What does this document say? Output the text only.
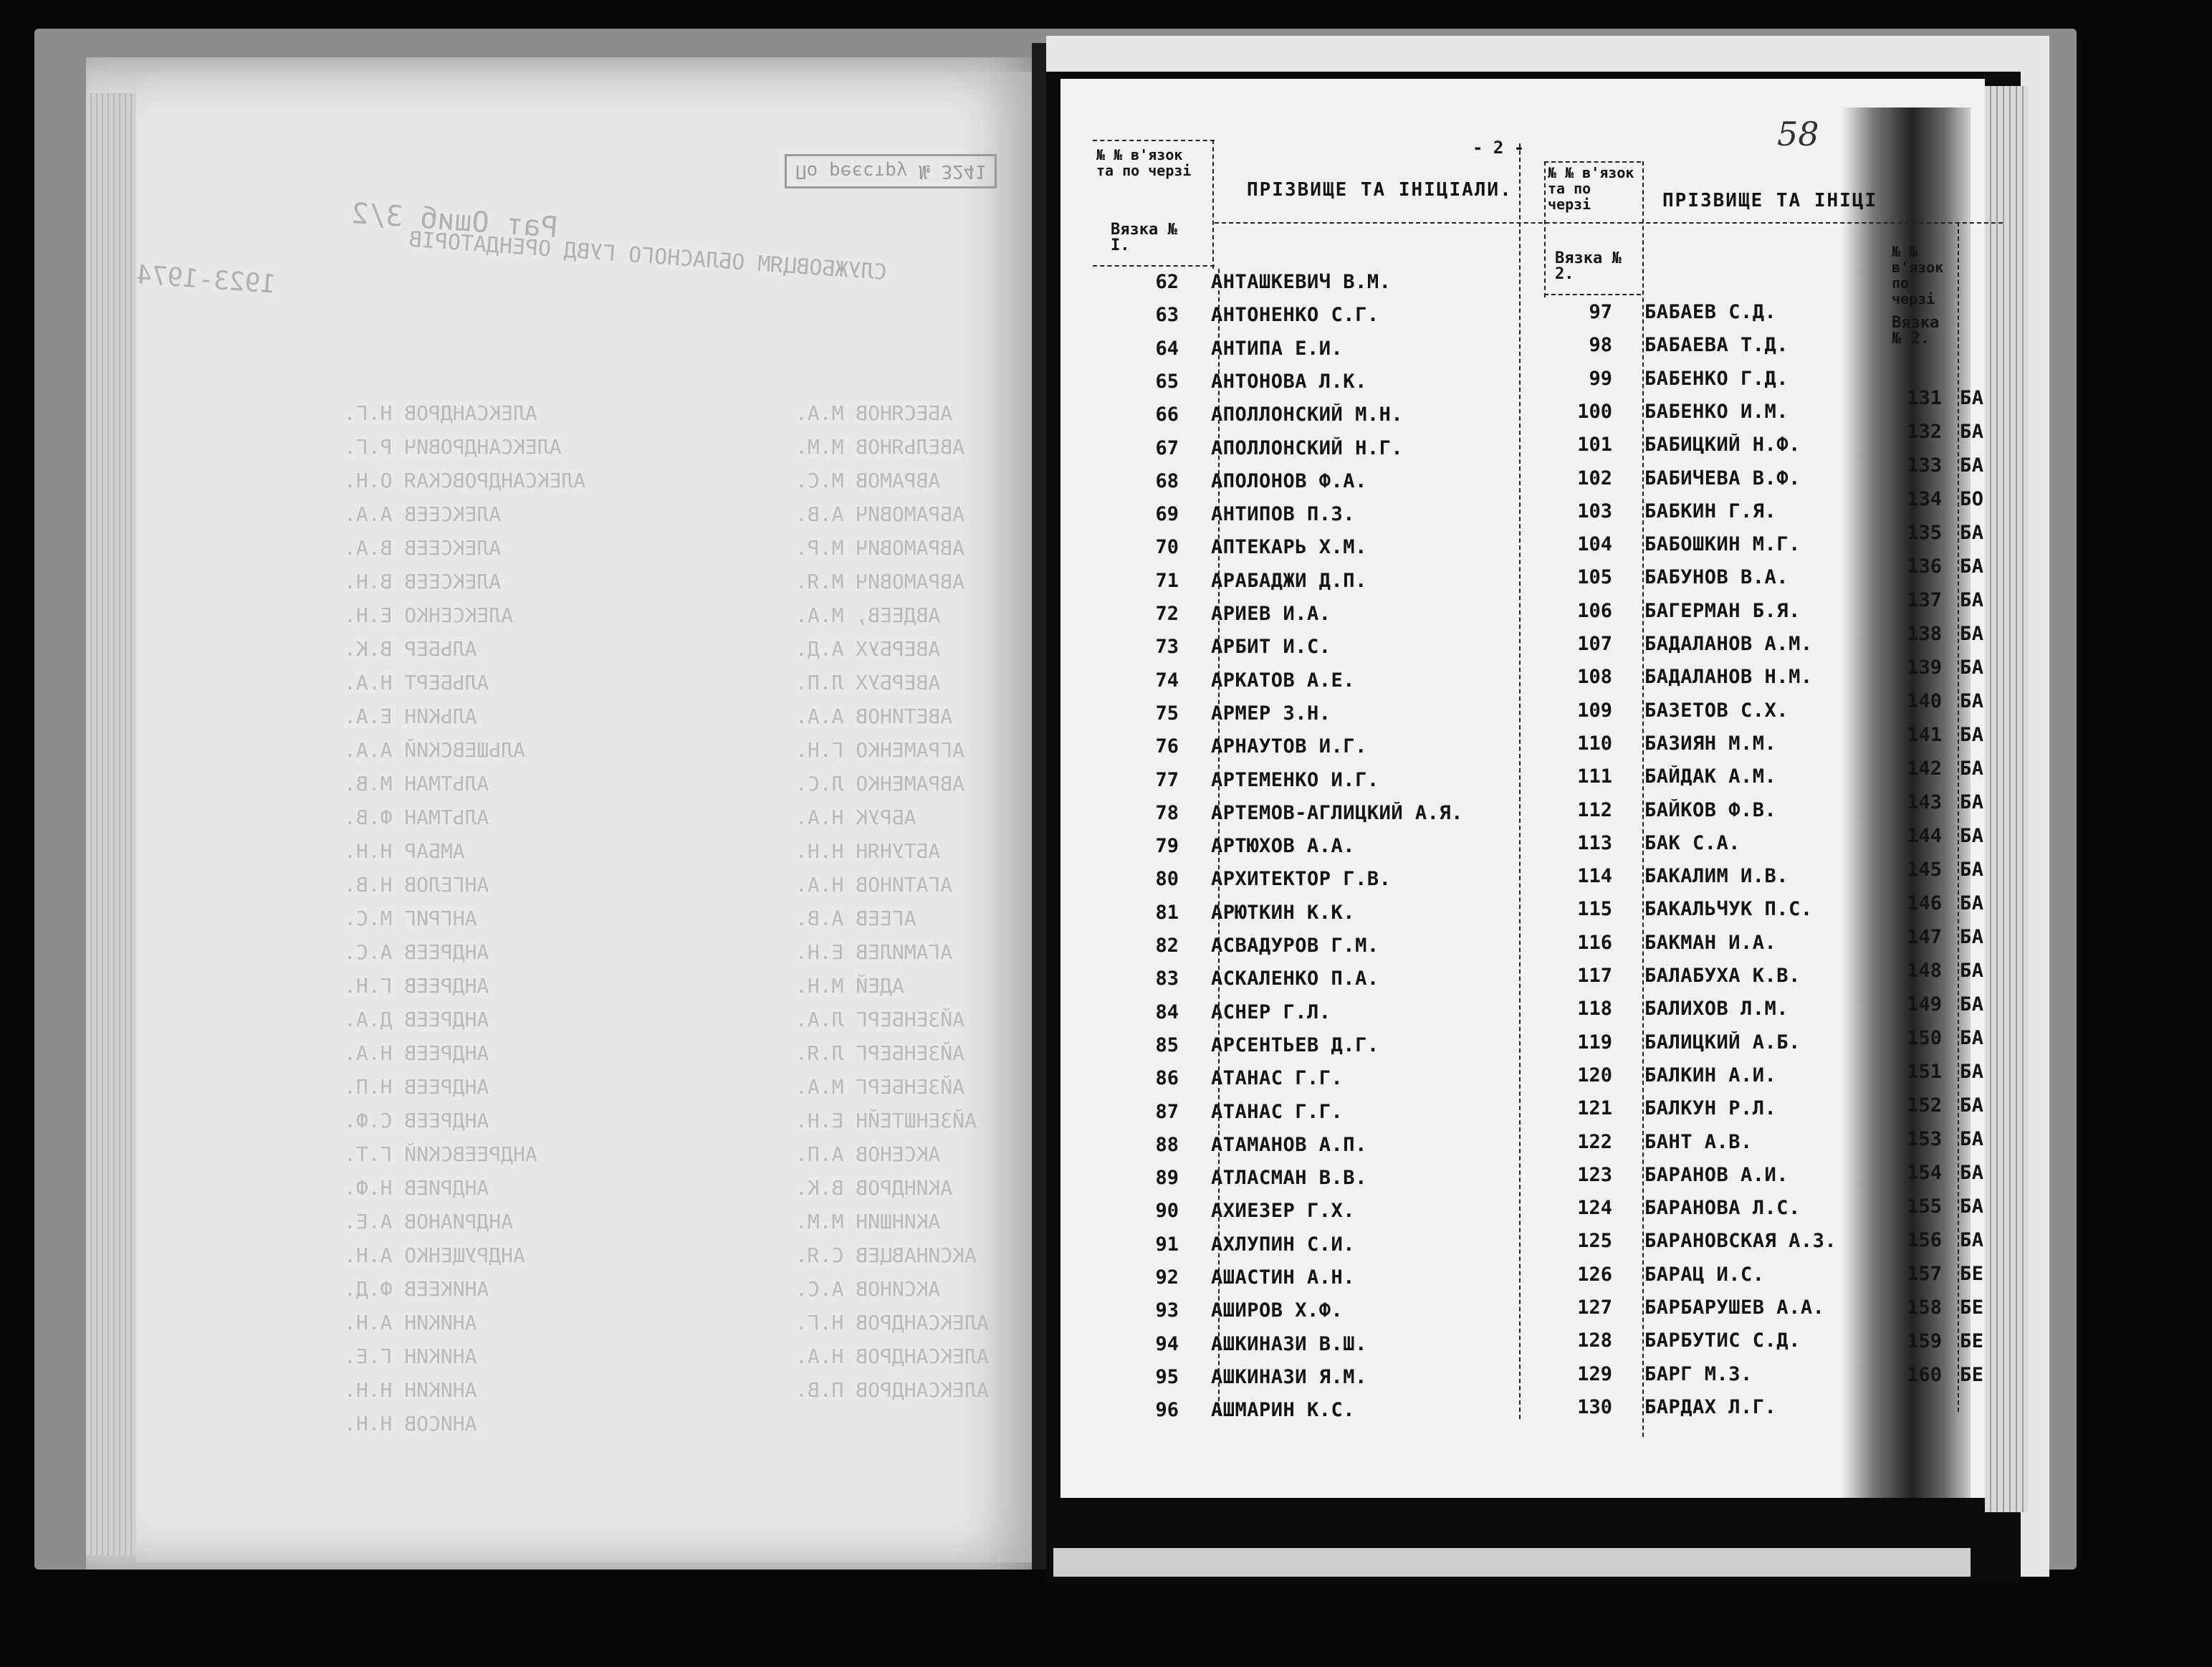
По реєстру № 3241
Рат Ошиб 3/2
1923-1974	СЛУЖБОВЦЯМ ОБЛАСНОГО ГУВД ОРЕНДАТОРІВ
АБЕСЯНОВ М.А.
АВЕЛЬЯНОВ М.М.
АВРАМОВ М.С.
АБРАМОВИЧ А.В.
АВРАМОВИЧ М.Р.
АВРАМОВИЧ М.Я.
АВДЕЕВ, М.А.
АВЕРБУХ А.Д.
АВЕРБУХ Л.П.
АВЕТИНОВ А.А.
АГРАМЕНКО Г.Н.
АВРАМЕНКО Л.С.
АБРУК Н.А.
АБТУНЯН Н.Н.
АГАТИНОВ Н.А.
АГЕЕВ А.В.
АГАМИЛЕВ Е.Н.
АДЕЙ М.Н.
АЙЗЕНБЕРГ Л.А.
АЙЗЕНБЕРГ Л.Я.
АЙЗЕНБЕРГ М.А.
АЙЗЕНШТЕЙН Е.Н.
АКСЕНОВ А.П.
АКИНДРОВ В.К.
АКИНШИН М.М.
АКСИНАВЦЕВ С.Я.
АКСИНОВ А.С.
АЛЕКСАНДРОВ Н.Г.
АЛЕКСАНДРОВ Н.А.
АЛЕКСАНДРОВ П.В.
АЛЕКСАНДРОВ Н.Г.
АЛЕКСАНДРОВИЧ Р.Г.
АЛЕКСАНДРОВСКАЯ О.Н.
АЛЕКСЕЕВ А.А.
АЛЕКСЕЕВ В.А.
АЛЕКСЕЕВ В.Н.
АЛЕКСЕНКО Е.Н.
АЛЬБЕР В.К.
АЛЬБЕРТ Н.А.
АЛЬКИН Е.А.
АЛЬШЕВСКИЙ А.А.
АЛЬТМАН М.В.
АЛЬТМАН Ф.В.
АМБАР Н.Н.
АНГЕЛОВ Н.В.
АНГРИГ М.С.
АНДРЕЕВ А.С.
АНДРЕЕВ Г.Н.
АНДРЕЕВ Д.А.
АНДРЕЕВ Н.А.
АНДРЕЕВ Н.П.
АНДРЕЕВ С.Ф.
АНДРЕЕВСКИЙ Г.Т.
АНДРИЕВ Н.Ф.
АНДРИАНОВ А.Е.
АНДРУЩЕНКО А.Н.
АНИКЕЕВ Ф.Д.
АНИКИН А.Н.
АНИКИН Г.Е.
АНИКИН Н.Н.
АНИСОВ Н.Н.
58
- 2 -
№ № в'язок та по черзі
ПРІЗВИЩЕ ТА ІНІЦІАЛИ.
Вязка № І.
№ № в'язок та по черзі	ПРІЗВИЩЕ ТА ІНІЦІ
Вязка № 2.
№ № в'язок по черзі
Вязка № 2.
62 АНТАШКЕВИЧ В.М.
63 АНТОНЕНКО С.Г.
64 АНТИПА Е.И.
65 АНТОНОВА Л.К.
66 АПОЛЛОНСКИЙ М.Н.
67 АПОЛЛОНСКИЙ Н.Г.
68 АПОЛОНОВ Ф.А.
69 АНТИПОВ П.З.
70 АПТЕКАРЬ Х.М.
71 АРАБАДЖИ Д.П.
72 АРИЕВ И.А.
73 АРБИТ И.С.
74 АРКАТОВ А.Е.
75 АРМЕР З.Н.
76 АРНАУТОВ И.Г.
77 АРТЕМЕНКО И.Г.
78 АРТЕМОВ-АГЛИЦКИЙ А.Я.
79 АРТЮХОВ А.А.
80 АРХИТЕКТОР Г.В.
81 АРЮТКИН К.К.
82 АСВАДУРОВ Г.М.
83 АСКАЛЕНКО П.А.
84 АСНЕР Г.Л.
85 АРСЕНТЬЕВ Д.Г.
86 АТАНАС Г.Г.
87 АТАНАС Г.Г.
88 АТАМАНОВ А.П.
89 АТЛАСМАН В.В.
90 АХИЕЗЕР Г.Х.
91 АХЛУПИН С.И.
92 АШАСТИН А.Н.
93 АШИРОВ Х.Ф.
94 АШКИНАЗИ В.Ш.
95 АШКИНАЗИ Я.М.
96 АШМАРИН К.С.
97 БАБАЕВ С.Д.
98 БАБАЕВА Т.Д.
99 БАБЕНКО Г.Д.
100 БАБЕНКО И.М.
101 БАБИЦКИЙ Н.Ф.
102 БАБИЧЕВА В.Ф.
103 БАБКИН Г.Я.
104 БАБОШКИН М.Г.
105 БАБУНОВ В.А.
106 БАГЕРМАН Б.Я.
107 БАДАЛАНОВ А.М.
108 БАДАЛАНОВ Н.М.
109 БАЗЕТОВ С.Х.
110 БАЗИЯН М.М.
111 БАЙДАК А.М.
112 БАЙКОВ Ф.В.
113 БАК С.А.
114 БАКАЛИМ И.В.
115 БАКАЛЬЧУК П.С.
116 БАКМАН И.А.
117 БАЛАБУХА К.В.
118 БАЛИХОВ Л.М.
119 БАЛИЦКИЙ А.Б.
120 БАЛКИН А.И.
121 БАЛКУН Р.Л.
122 БАНТ А.В.
123 БАРАНОВ А.И.
124 БАРАНОВА Л.С.
125 БАРАНОВСКАЯ А.З.
126 БАРАЦ И.С.
127 БАРБАРУШЕВ А.А.
128 БАРБУТИС С.Д.
129 БАРГ М.З.
130 БАРДАХ Л.Г.
131 БА
132 БА
133 БА
134 БО
135 БА
136 БА
137 БА
138 БА
139 БА
140 БА
141 БА
142 БА
143 БА
144 БА
145 БА
146 БА
147 БА
148 БА
149 БА
150 БА
151 БА
152 БА
153 БА
154 БА
155 БА
156 БА
157 БЕ
158 БЕ
159 БЕ
160 БЕ
